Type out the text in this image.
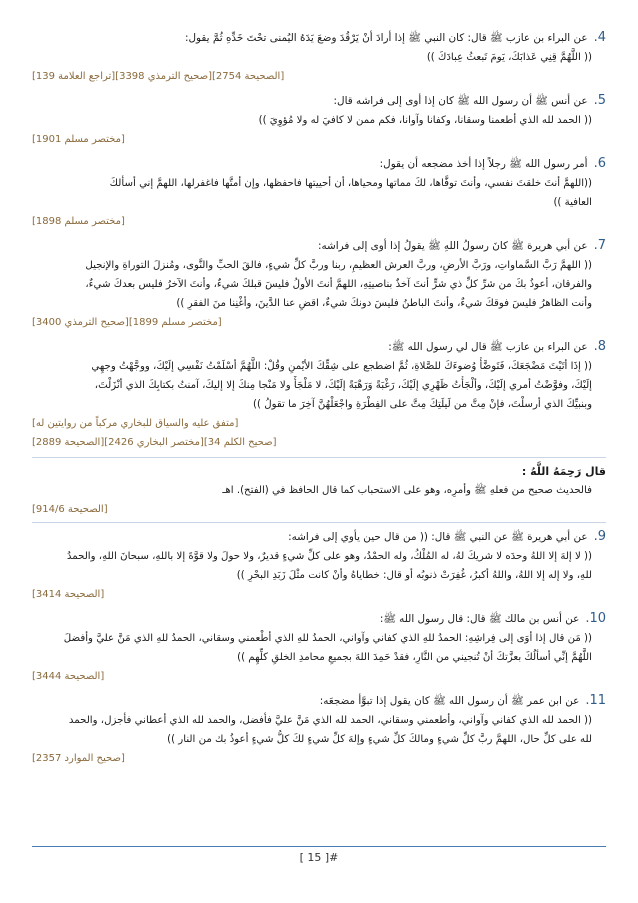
4.
عن البراء بن عازب ﷺ قال: كان النبي ﷺ إذا أرادَ أنْ يَرْقُدَ وضعَ يَدَهُ اليُمنى تحْتَ خَدِّهِ ثُمَّ يقول:
(( اللَّهُمَّ قِنِي عَذابَكَ، يَومَ تَبعثُ عِبادَكَ ))
[الصحيحة 2754][صحيح الترمذي 3398][تراجع العلامة 139]
5.
عن أنس ﷺ أن رسول الله ﷺ كان إذا أوى إلى فراشه قال:
(( الحمد لله الذي أطعمنا وسقانا، وكفانا وآوانا، فكم ممن لا كافيَ له ولا مُؤوِيَ ))
[مختصر مسلم 1901]
6.
أمر رسول الله ﷺ رجلاً إذا أخذ مضجعه أن يقول:
((اللهمَّ أنتَ خلقتَ نفسي، وأنتَ توفَّاها، لكَ مماتها ومحياها، أن أحييتها فاحفظها، وإن أمتَّها فاغفرلها، اللهمَّ إني أسألكَ
العافية ))
[مختصر مسلم 1898]
7.
عن أبي هريرة ﷺ كانَ رسولُ اللهِ ﷺ يقولُ إذا أوى إلى فراشه:
(( اللهمَّ رَبَّ السَّماواتِ، ورَبَّ الأرضِ، وربَّ العرش العظيمِ، ربنا وربَّ كلِّ شيءٍ، فالقَ الحبِّ والنَّوى، ومُنزلَ التوراةِ والإنجيل
والفرقان، أعوذُ بكَ من شرِّ كلِّ ذي شرٍّ أنتَ آخذٌ بناصيتِهِ، اللهمَّ أنتَ الأولُ فليسَ قبلكَ شيءٌ، وأنتَ الآخرُ فليس بعدكَ شيءٌ،
وأنت الظاهرُ فليسَ فوقكَ شيءٌ، وأنتَ الباطنُ فليسَ دونكَ شيءٌ، اقضِ عنا الدَّينَ، وأغْنِنا منَ الفقرِ ))
[مختصر مسلم 1899][صحيح الترمذي 3400]
8.
عن البراء بن عازب ﷺ قال لي رسول الله ﷺ:
(( إذَا أتَيْتَ مَضْجَعَكَ، فَتَوضَّأْ وُضوءَكَ للصَّلاةِ، ثُمَّ اضطجع على شِقِّكَ الأيْمنِ وقُلْ: اللَّهُمَّ أسْلَمْتُ نَفْسِي إلَيْكَ، ووجَّهْتُ وجهِي
إلَيْكَ، وفوَّضْتُ أمري إلَيْكَ، وألْجَأْتُ ظَهْرِي إلَيْكَ، رَغْبَةً وَرَهْبَةً إلَيْكَ، لا مَلْجَأَ ولا مَنْجا مِنكَ إلا إليكَ، آمنتُ بكتابِكَ الذي أنْزَلْتَ،
وبنبيِّكَ الذي أرسلْتَ، فإنْ مِتَّ من لَيلَتِكَ مِتَّ على الفِطْرَةِ واجْعَلْهُنَّ آخِرَ ما تقولُ ))
[متفق عليه والسياق للبخاري مركباً من روايتين له]
[صحيح الكلم 34][مختصر البخاري 2426][الصحيحة 2889]
قال رَحِمَهُ اللَّهُ :
فالحديث صحيح من فعلهِ ﷺ وأمرِه، وهو على الاستحباب كما قال الحافظ في (الفتح). اهـ
[الصحيحة 914/6]
9.
عن أبي هريرة ﷺ عن النبي ﷺ قال: (( من قال حين يأوي إلى فراشه:
(( لا إلهَ إلا اللهُ وحدَه لا شريكَ لهُ، له المُلْكُ، وله الحمْدُ، وهو على كلِّ شيءٍ قديرٌ، ولا حولَ ولا قوَّةَ إلا باللهِ، سبحانَ اللهِ، والحمدُ
للهِ، ولا إله إلا اللهُ، واللهُ أكبرُ، غُفِرَتْ ذنوبُه أو قال: خطاياهُ وأنْ كانت مثْلَ زَبَدِ البحْرِ ))
[الصحيحة 3414]
10.
عن أنس بن مالك ﷺ قال: قال رسول الله ﷺ:
(( مَن قال إذا أوَى إلى فِراشِهِ: الحمدُ للهِ الذي كفاني وآواني، الحمدُ للهِ الذي أطْعمني وسقاني، الحمدُ للهِ الذي مَنَّ عليَّ وأفضلَ
اللَّهُمَّ إنِّي أسألُكَ بعزَّتكَ أنْ تُنجيني من النَّارِ، فقدْ حَمِدَ اللهَ بجميعِ محامدِ الخلقِ كلِّهِم ))
[الصحيحة 3444]
11.
عن ابن عمر ﷺ أن رسول الله ﷺ كان يقول إذا تبوَّأ مضجعَه:
(( الحمد لله الذي كفاني وآواني، وأطعمني وسقاني، الحمد لله الذي مَنَّ عليَّ فأفضل، والحمد لله الذي أعطاني فأجزل، والحمد
لله على كلِّ حال، اللهمَّ ربَّ كلِّ شيءٍ ومالكَ كلِّ شيءٍ وإلهَ كلِّ شيءٍ لكَ كلُّ شيءٍ أعوذُ بك من النار ))
[صحيح الموارد 2357]
[ 15 ]#
